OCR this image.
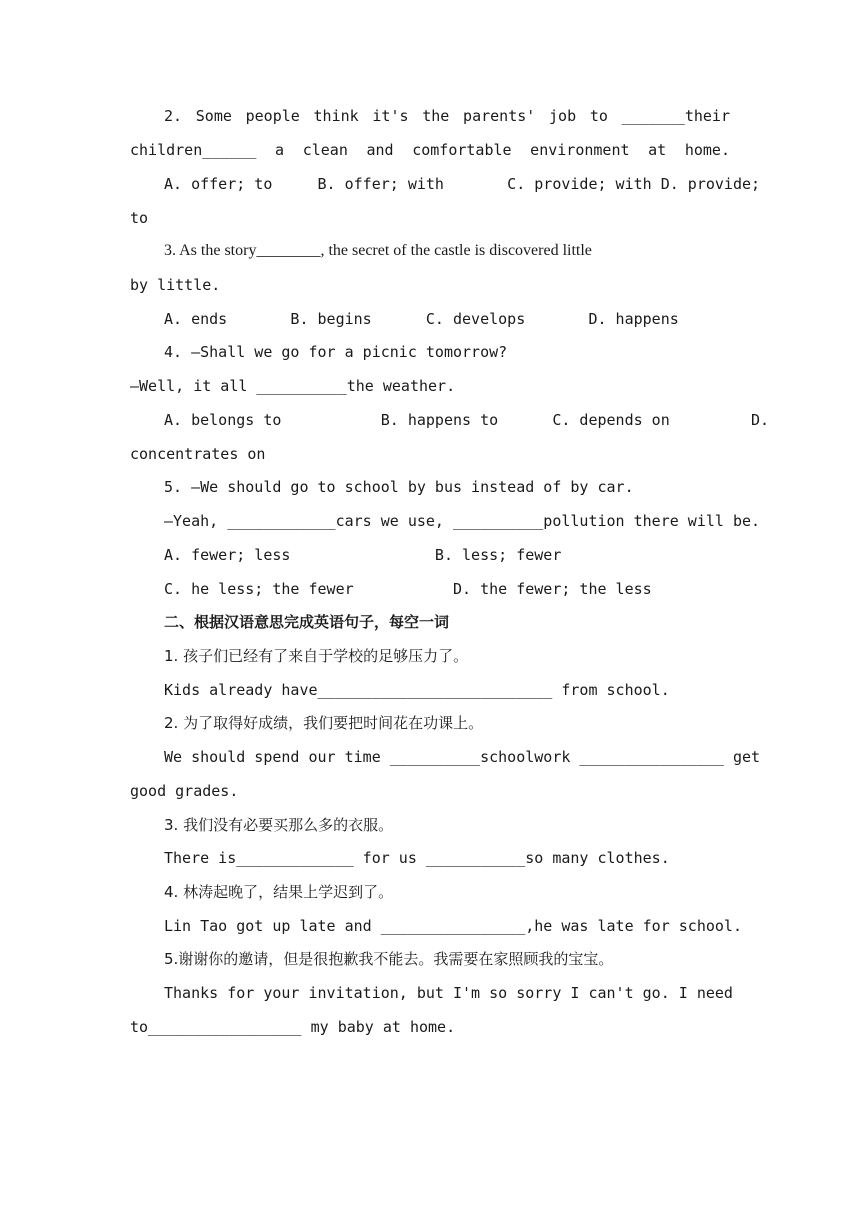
2. Some people think it's the parents' job to _______their
children______ a clean and comfortable environment at home.
A. offer; to     B. offer; with       C. provide; with D. provide;
to
3. As the story________, the secret of the castle is discovered little
by little.
A. ends       B. begins      C. develops       D. happens
4. —Shall we go for a picnic tomorrow?
—Well, it all __________the weather.
A. belongs to           B. happens to      C. depends on         D.
concentrates on
5. —We should go to school by bus instead of by car.
—Yeah, ____________cars we use, __________pollution there will be.
A. fewer; less                B. less; fewer
C. he less; the fewer           D. the fewer; the less
二、根据汉语意思完成英语句子，每空一词
1. 孩子们已经有了来自于学校的足够压力了。
Kids already have__________________________ from school.
2. 为了取得好成绩，我们要把时间花在功课上。
We should spend our time __________schoolwork ________________ get
good grades.
3. 我们没有必要买那么多的衣服。
There is_____________ for us ___________so many clothes.
4. 林涛起晚了，结果上学迟到了。
Lin Tao got up late and ________________,he was late for school.
5.谢谢你的邀请，但是很抱歉我不能去。我需要在家照顾我的宝宝。
Thanks for your invitation, but I'm so sorry I can't go. I need
to_________________ my baby at home.
